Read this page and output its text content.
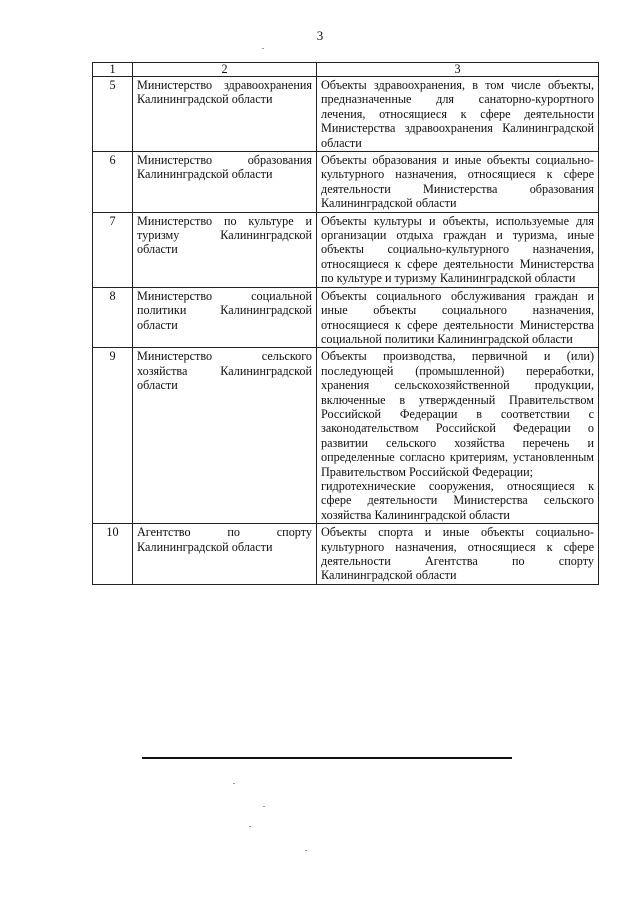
3
1	2	3
5	Министерство здравоохранения Калининградской области	Объекты здравоохранения, в том числе объекты, предназначенные для санаторно-курортного лечения, относящиеся к сфере деятельности Министерства здравоохранения Калининградской области

6	Министерство образования Калининградской области	Объекты образования и иные объекты социально-культурного назначения, относящиеся к сфере деятельности Министерства образования Калининградской области

7	Министерство по культуре и туризму Калининградской области	Объекты культуры и объекты, используемые для организации отдыха граждан и туризма, иные объекты социально-культурного назначения, относящиеся к сфере деятельности Министерства по культуре и туризму Калининградской области

8	Министерство социальной политики Калининградской области	Объекты социального обслуживания граждан и иные объекты социального назначения, относящиеся к сфере деятельности Министерства социальной политики Калининградской области

9	Министерство сельского хозяйства Калининградской области	Объекты производства, первичной и (или) последующей (промышленной) переработки, хранения сельскохозяйственной продукции, включенные в утвержденный Правительством Российской Федерации в соответствии с законодательством Российской Федерации о развитии сельского хозяйства перечень и определенные согласно критериям, установленным Правительством Российской Федерации;
гидротехнические сооружения, относящиеся к сфере деятельности Министерства сельского хозяйства Калининградской области

10	Агентство по спорту Калининградской области	Объекты спорта и иные объекты социально-культурного назначения, относящиеся к сфере деятельности Агентства по спорту Калининградской области
